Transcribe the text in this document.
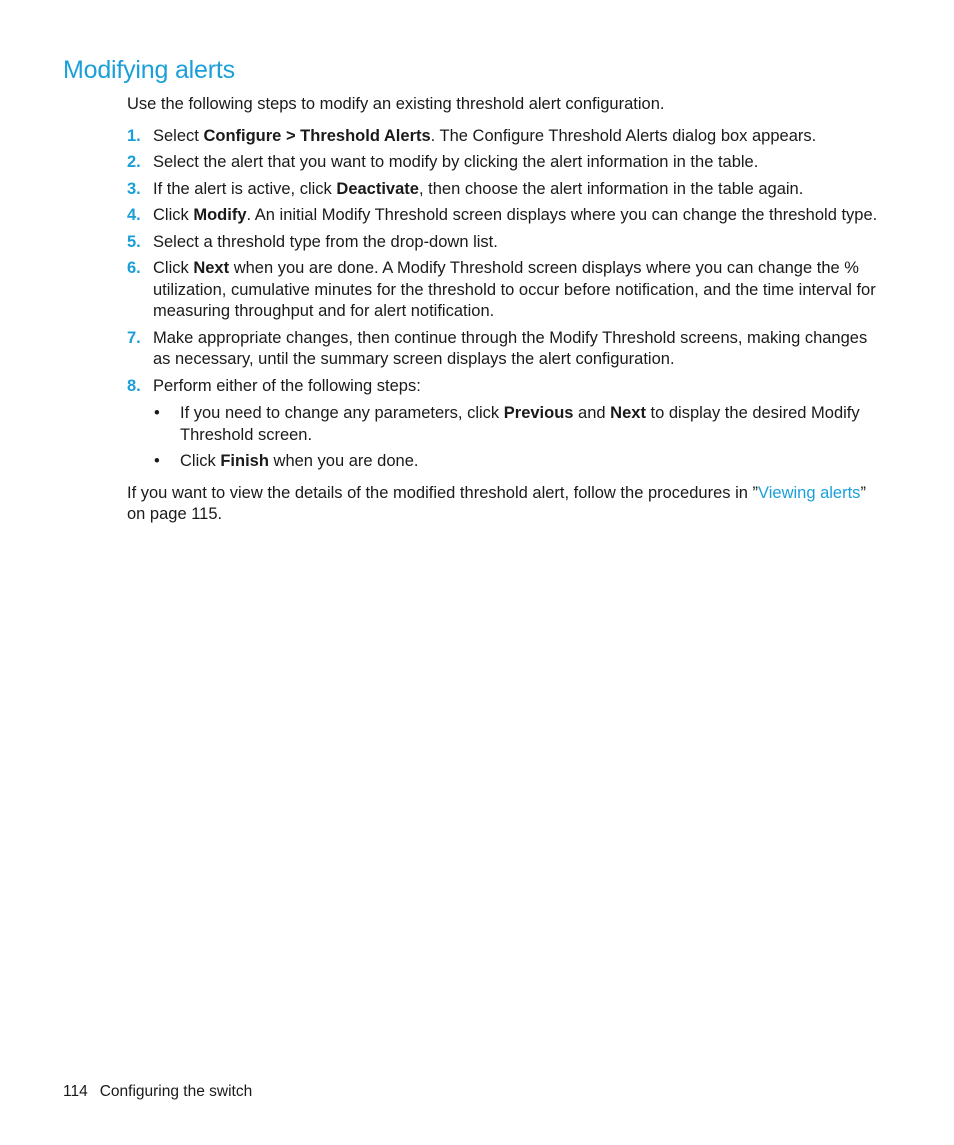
Modifying alerts

Use the following steps to modify an existing threshold alert configuration.

1. Select Configure > Threshold Alerts. The Configure Threshold Alerts dialog box appears.
2. Select the alert that you want to modify by clicking the alert information in the table.
3. If the alert is active, click Deactivate, then choose the alert information in the table again.
4. Click Modify. An initial Modify Threshold screen displays where you can change the threshold type.
5. Select a threshold type from the drop-down list.
6. Click Next when you are done. A Modify Threshold screen displays where you can change the % utilization, cumulative minutes for the threshold to occur before notification, and the time interval for measuring throughput and for alert notification.
7. Make appropriate changes, then continue through the Modify Threshold screens, making changes as necessary, until the summary screen displays the alert configuration.
8. Perform either of the following steps:
• If you need to change any parameters, click Previous and Next to display the desired Modify Threshold screen.
• Click Finish when you are done.

If you want to view the details of the modified threshold alert, follow the procedures in ”Viewing alerts” on page 115.

114 Configuring the switch
